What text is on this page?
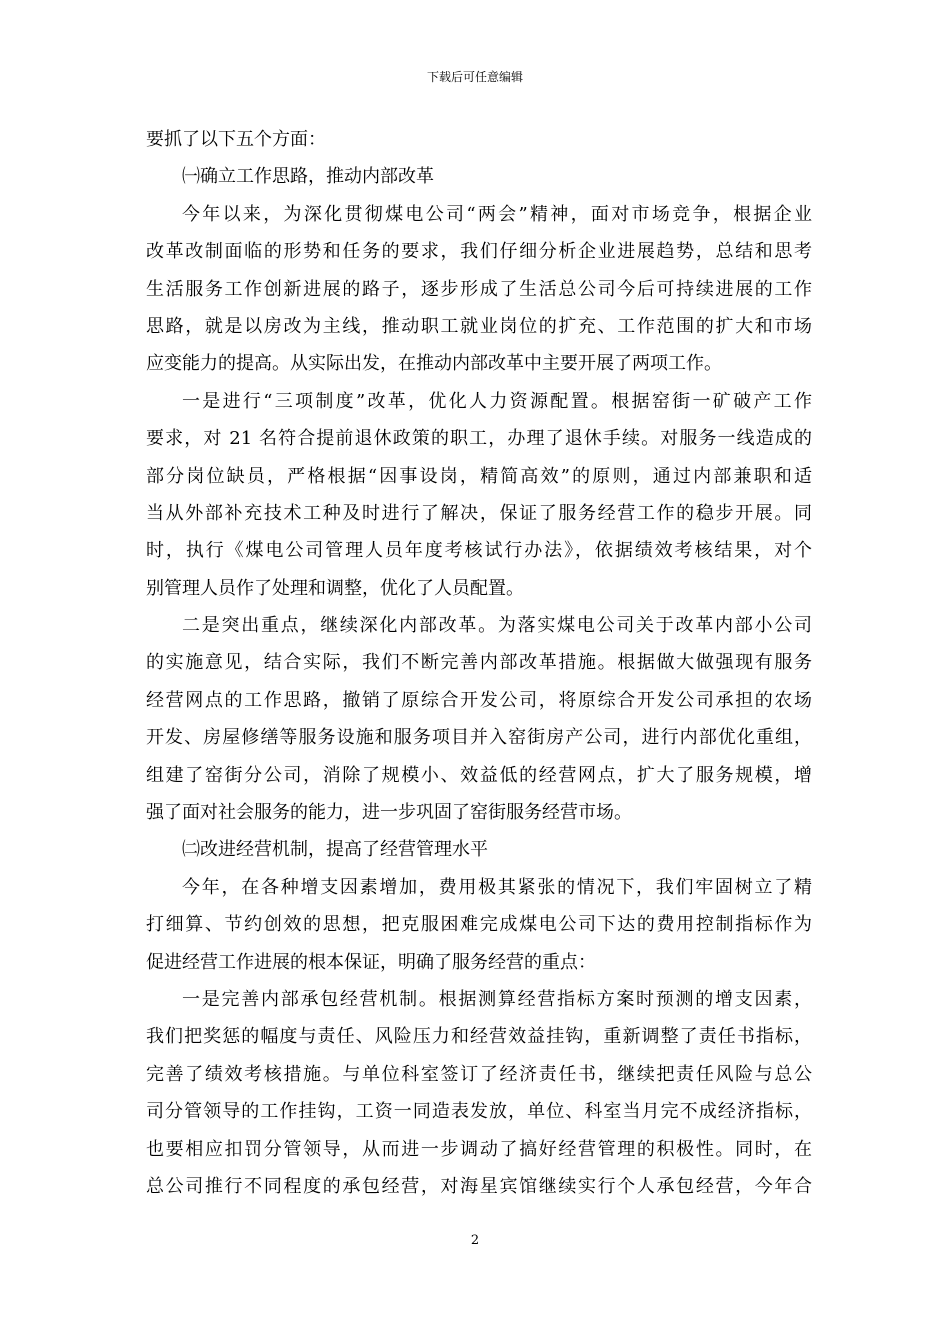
下载后可任意编辑
要抓了以下五个方面：
㈠确立工作思路，推动内部改革
今年以来，为深化贯彻煤电公司“两会”精神，面对市场竞争，根据企业
改革改制面临的形势和任务的要求，我们仔细分析企业进展趋势，总结和思考
生活服务工作创新进展的路子，逐步形成了生活总公司今后可持续进展的工作
思路，就是以房改为主线，推动职工就业岗位的扩充、工作范围的扩大和市场
应变能力的提高。从实际出发，在推动内部改革中主要开展了两项工作。
一是进行“三项制度”改革，优化人力资源配置。根据窑街一矿破产工作
要求，对 21 名符合提前退休政策的职工，办理了退休手续。对服务一线造成的
部分岗位缺员，严格根据“因事设岗，精简高效”的原则，通过内部兼职和适
当从外部补充技术工种及时进行了解决，保证了服务经营工作的稳步开展。同
时，执行《煤电公司管理人员年度考核试行办法》，依据绩效考核结果，对个
别管理人员作了处理和调整，优化了人员配置。
二是突出重点，继续深化内部改革。为落实煤电公司关于改革内部小公司
的实施意见，结合实际，我们不断完善内部改革措施。根据做大做强现有服务
经营网点的工作思路，撤销了原综合开发公司，将原综合开发公司承担的农场
开发、房屋修缮等服务设施和服务项目并入窑街房产公司，进行内部优化重组，
组建了窑街分公司，消除了规模小、效益低的经营网点，扩大了服务规模，增
强了面对社会服务的能力，进一步巩固了窑街服务经营市场。
㈡改进经营机制，提高了经营管理水平
今年，在各种增支因素增加，费用极其紧张的情况下，我们牢固树立了精
打细算、节约创效的思想，把克服困难完成煤电公司下达的费用控制指标作为
促进经营工作进展的根本保证，明确了服务经营的重点：
一是完善内部承包经营机制。根据测算经营指标方案时预测的增支因素，
我们把奖惩的幅度与责任、风险压力和经营效益挂钩，重新调整了责任书指标，
完善了绩效考核措施。与单位科室签订了经济责任书，继续把责任风险与总公
司分管领导的工作挂钩，工资一同造表发放，单位、科室当月完不成经济指标，
也要相应扣罚分管领导，从而进一步调动了搞好经营管理的积极性。同时，在
总公司推行不同程度的承包经营，对海星宾馆继续实行个人承包经营，今年合
2
